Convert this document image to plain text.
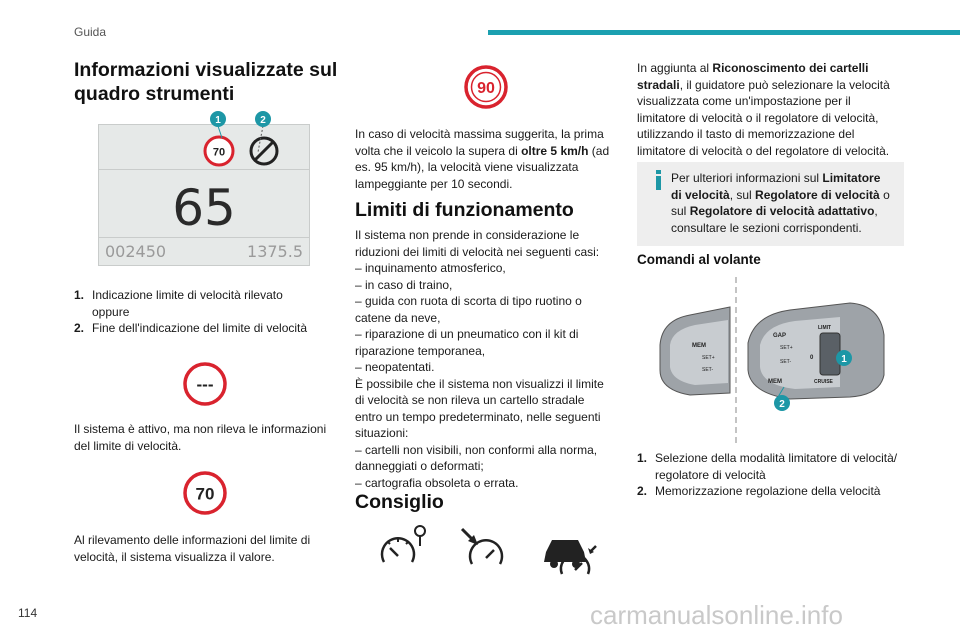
Guida
Informazioni visualizzate sul quadro strumenti
70
65
002450	1375.5
1	2
1. Indicazione limite di velocità rilevato
oppure
2. Fine dell'indicazione del limite di velocità
---

Il sistema è attivo, ma non rileva le informazioni del limite di velocità.

70

Al rilevamento delle informazioni del limite di velocità, il sistema visualizza il valore.

90

In caso di velocità massima suggerita, la prima volta che il veicolo la supera di oltre 5 km/h (ad es. 95 km/h), la velocità viene visualizzata lampeggiante per 10 secondi.

Limiti di funzionamento

Il sistema non prende in considerazione le riduzioni dei limiti di velocità nei seguenti casi:

– inquinamento atmosferico,

– in caso di traino,

– guida con ruota di scorta di tipo ruotino o catene da neve,

– riparazione di un pneumatico con il kit di riparazione temporanea,

– neopatentati.

È possibile che il sistema non visualizzi il limite di velocità se non rileva un cartello stradale entro un tempo predeterminato, nelle seguenti situazioni:

– cartelli non visibili, non conformi alla norma, danneggiati o deformati;

– cartografia obsoleta o errata.

Consiglio

In aggiunta al Riconoscimento dei cartelli stradali, il guidatore può selezionare la velocità visualizzata come un'impostazione per il limitatore di velocità o il regolatore di velocità, utilizzando il tasto di memorizzazione del limitatore di velocità o del regolatore di velocità.

Per ulteriori informazioni sul Limitatore di velocità, sul Regolatore di velocità o sul Regolatore di velocità adattativo, consultare le sezioni corrispondenti.

Comandi al volante
MEM
SET+
SET-
GAP
SET+
SET-
0
LIMIT
CRUISE
MEM
1
2
1. Selezione della modalità limitatore di velocità/ regolatore di velocità
2. Memorizzazione regolazione della velocità
114	carmanualsonline.info
